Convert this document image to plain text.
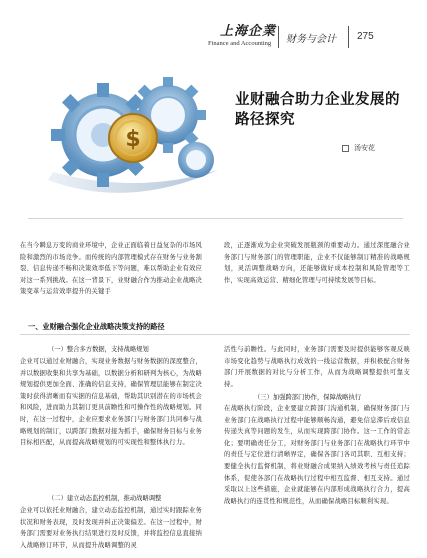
上海企業
Finance and Accounting 财务与会计 275
$
业财融合助力企业发展的
路径探究
汤安花
在当今瞬息万变的商业环境中，企业正面临着日益复杂的市场风险和激烈的市场竞争。而传统的内部管理模式存在财务与业务割裂、信息传递不畅和决策效率低下等问题，难以帮助企业有效应对这一系列挑战。在这一背景下，业财融合作为推动企业战略决策变革与运营效率提升的关键手
段，正逐渐成为企业突破发展瓶颈的重要动力。通过深度融合业务部门与财务部门的管理职能，企业不仅能够制订精准的战略规划，灵活调整战略方向，还能够做好成本控制和风险管理等工作，实现高效运营、精细化管理与可持续发展等目标。
一、业财融合强化企业战略决策支持的路径
（一）整合多方数据，支持战略规划
企业可以通过业财融合，实现业务数据与财务数据的深度整合，并以数据收集和共享为基础，以数据分析和研判为核心，为战略规划提供更加全面、准确的信息支持，确保管理层能够在制定决策时获得清晰而有实据的信息基础，帮助其识别潜在的市场机会和风险，进而助力其制订更具前瞻性和可操作性的战略规划。同时，在这一过程中，企业应要求业务部门与财务部门共同参与战略规划的制订，以跨部门数据对接为抓手，确保财务目标与业务目标相匹配，从而提高战略规划的可实现性和整体执行力。
（二）建立动态监控机制，推动战略调整
企业可以依托业财融合，建立动态监控机制，通过实时跟踪业务状况和财务表现，及时发现并纠正决策偏差。在这一过程中，财务部门需要对业务执行结果进行及时反馈，并将监控信息直接纳入战略修订环节，从而提升战略调整的灵
活性与前瞻性。与此同时，业务部门需要及时提供能够客观反映市场变化趋势与战略执行成效的一线运营数据，并积极配合财务部门开展数据的对比与分析工作，从而为战略调整提供可靠支持。
（三）加强跨部门协作，保障战略执行
在战略执行阶段，企业要建立跨部门沟通机制，确保财务部门与业务部门在战略执行过程中能够顺畅沟通，避免信息滞后或信息传递失真等问题的发生，从而实现跨部门协作。这一工作的常态化；要明确责任分工，对财务部门与业务部门在战略执行环节中的责任与定位进行清晰界定，确保各部门各司其职、互相支持；要健全执行监督机制，将业财融合成果纳入绩效考核与责任追踪体系，促使各部门在战略执行过程中相互监督、相互支持。通过采取以上这些措施，企业就能够在内部形成战略执行合力，提高战略执行的连贯性和规范性，从而确保战略目标顺利实现。
